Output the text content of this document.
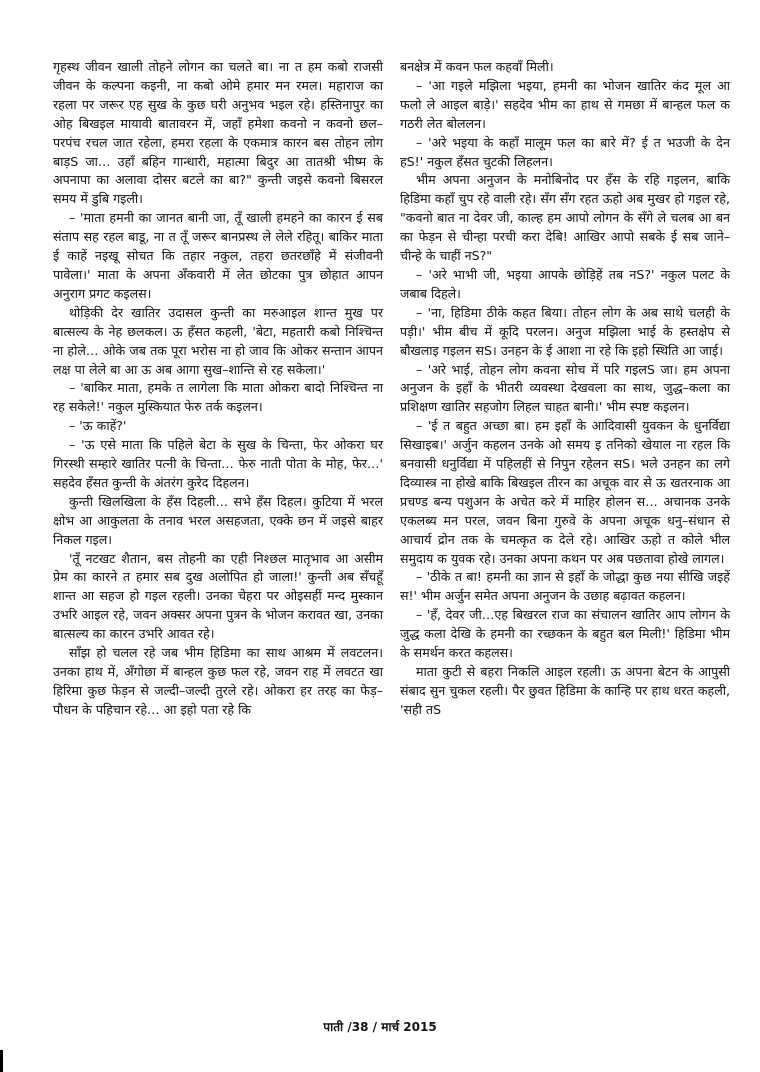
गृहस्थ जीवन खाली तोहने लोगन का चलते बा। ना त हम कबो राजसी जीवन के कल्पना कइनी, ना कबो ओमे हमार मन रमल। महाराज का रहला पर जरूर एह सुख के कुछ घरी अनुभव भइल रहे। हस्तिनापुर का ओह बिखइल मायावी बातावरन में, जहाँ हमेशा कवनो न कवनो छल–परपंच रचल जात रहेला, हमरा रहला के एकमात्र कारन बस तोहन लोग बाड़S जा… उहाँ बहिन गान्धारी, महात्मा बिदुर आ तातश्री भीष्म के अपनापा का अलावा दोसर बटले का बा?" कुन्ती जइसे कवनो बिसरल समय में डुबि गइली।

– 'माता हमनी का जानत बानी जा, तूँ खाली हमहने का कारन ई सब संताप सह रहल बाडू, ना त तूँ जरूर बानप्रस्थ ले लेले रहितू। बाकिर माता ई काहें नइखू सोचत कि तहार नकुल, तहरा छतरछाँहे में संजीवनी पावेला।' माता के अपना अँकवारी में लेत छोटका पुत्र छोहात आपन अनुराग प्रगट कइलस।

थोड़िकी देर खातिर उदासल कुन्ती का मरुआइल शान्त मुख पर बात्सल्य के नेह छलकल। ऊ हँसत कहली, 'बेटा, महतारी कबो निश्चिन्त ना होले… ओके जब तक पूरा भरोस ना हो जाव कि ओकर सन्तान आपन लक्ष पा लेले बा आ ऊ अब आगा सुख–शान्ति से रह सकेला।'

– 'बाकिर माता, हमके त लागेला कि माता ओकरा बादो निश्चिन्त ना रह सकेले!' नकुल मुस्कियात फेरु तर्क कइलन।

– 'ऊ काहें?'

– 'ऊ एसे माता कि पहिले बेटा के सुख के चिन्ता, फेर ओकरा घर गिरस्थी सम्हारे खातिर पत्नी के चिन्ता… फेरु नाती पोता के मोह, फेर…' सहदेव हँसत कुन्ती के अंतरंग कुरेद दिहलन।

कुन्ती खिलखिला के हँस दिहली… सभे हँस दिहल। कुटिया में भरल क्षोभ आ आकुलता के तनाव भरल असहजता, एक्के छन में जइसे बाहर निकल गइल।

'तूँ नटखट शैतान, बस तोहनी का एही निश्छल मातृभाव आ असीम प्रेम का कारने त हमार सब दुख अलोपित हो जाला!' कुन्ती अब सँचहूँ शान्त आ सहज हो गइल रहली। उनका चेहरा पर ओइसहीं मन्द मुस्कान उभरि आइल रहे, जवन अक्सर अपना पुत्रन के भोजन करावत खा, उनका बात्सल्य का कारन उभरि आवत रहे।

साँझ हो चलल रहे जब भीम हिडिमा का साथ आश्रम में लवटलन। उनका हाथ में, अँगोछा में बान्हल कुछ फल रहे, जवन राह में लवटत खा हिरिमा कुछ फेड़न से जल्दी–जल्दी तुरले रहे। ओकरा हर तरह का फेड़–पौधन के पहिचान रहे… आ इहो पता रहे कि

बनक्षेत्र में कवन फल कहवाँ मिली।

– 'आ गइले मझिला भइया, हमनी का भोजन खातिर कंद मूल आ फलो ले आइल बाड़े।' सहदेव भीम का हाथ से गमछा में बान्हल फल क गठरी लेत बोललन।

– 'अरे भइया के कहाँ मालूम फल का बारे में? ई त भउजी के देन हS!' नकुल हँसत चुटकी लिहलन।

भीम अपना अनुजन के मनोबिनोद पर हँस के रहि गइलन, बाकि हिडिमा कहाँ चुप रहे वाली रहे। सँग सँग रहत ऊहो अब मुखर हो गइल रहे, "कवनो बात ना देवर जी, काल्ह हम आपो लोगन के सँगे ले चलब आ बन का फेड़न से चीन्हा परची करा देबि! आखिर आपो सबके ई सब जाने–चीन्हे के चाहीं नS?"

– 'अरे भाभी जी, भइया आपके छोड़िहें तब नS?' नकुल पलट के जबाब दिहले।

– 'ना, हिडिमा ठीके कहत बिया। तोहन लोग के अब साथे चलही के पड़ी।' भीम बीच में कूदि परलन। अनुज मझिला भाई के हस्तक्षेप से बौखलाइ गइलन सS। उनहन के ई आशा ना रहे कि इहो स्थिति आ जाई।

– 'अरे भाई, तोहन लोग कवना सोच में परि गइलS जा। हम अपना अनुजन के इहाँ के भीतरी व्यवस्था देखवला का साथ, जुद्ध–कला का प्रशिक्षण खातिर सहजोग लिहल चाहत बानी।' भीम स्पष्ट कइलन।

– 'ई त बहुत अच्छा बा। हम इहाँ के आदिवासी युवकन के धुनर्विद्या सिखाइब।' अर्जुन कहलन उनके ओ समय इ तनिको खेयाल ना रहल कि बनवासी धनुर्विद्या में पहिलहीं से निपुन रहेलन सS। भले उनहन का लगे दिव्यास्त्र ना होखे बाकि बिखइल तीरन का अचूक वार से ऊ खतरनाक आ प्रचण्ड बन्य पशुअन के अचेत करे में माहिर होलन स… अचानक उनके एकलब्य मन परल, जवन बिना गुरुवे के अपना अचूक धनु–संधान से आचार्य द्रोन तक के चमत्कृत क देले रहे। आखिर ऊहो त कोले भील समुदाय क युवक रहे। उनका अपना कथन पर अब पछतावा होखे लागल।

– 'ठीके त बा! हमनी का ज्ञान से इहाँ के जोद्धा कुछ नया सीखि जइहें स!' भीम अर्जुन समेत अपना अनुजन के उछाह बढ़ावत कहलन।

– 'हँ, देवर जी…एह बिखरल राज का संचालन खातिर आप लोगन के जुद्ध कला देखि के हमनी का रच्छकन के बहुत बल मिली!' हिडिमा भीम के समर्थन करत कहलस।

माता कुटी से बहरा निकलि आइल रहली। ऊ अपना बेटन के आपुसी संबाद सुन चुकल रहली। पैर छुवत हिडिमा के कान्हि पर हाथ धरत कहली, 'सही तS

पाती /38 / मार्च 2015
